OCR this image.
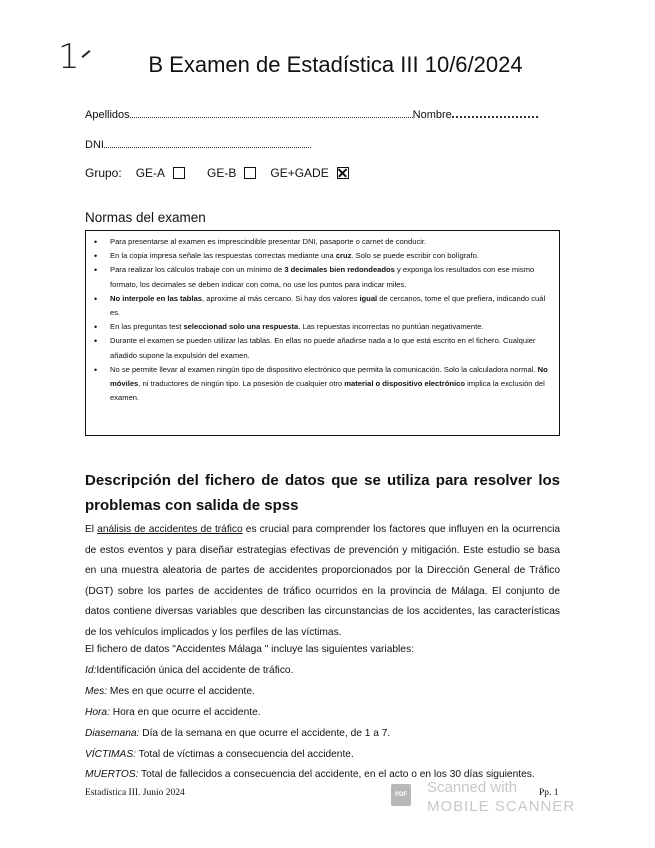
1	B Examen de Estadística III 10/6/2024
Apellidos	Nombre
DNI
Grupo: GE-A	GE-B	GE+GADE
Normas del examen
• Para presentarse al examen es imprescindible presentar DNI, pasaporte o carnet de conducir.
• En la copia impresa señale las respuestas correctas mediante una cruz. Solo se puede escribir con bolígrafo.
• Para realizar los cálculos trabaje con un mínimo de 3 decimales bien redondeados y exponga los resultados con ese mismo formato, los decimales se deben indicar con coma, no use los puntos para indicar miles.
• No interpole en las tablas, aproxime al más cercano. Si hay dos valores igual de cercanos, tome el que prefiera, indicando cuál es.
• En las preguntas test seleccionad solo una respuesta. Las repuestas incorrectas no puntúan negativamente.
• Durante el examen se pueden utilizar las tablas. En ellas no puede añadirse nada a lo que está escrito en el fichero. Cualquier añadido supone la expulsión del examen.
• No se permite llevar al examen ningún tipo de dispositivo electrónico que permita la comunicación. Solo la calculadora normal. No móviles, ni traductores de ningún tipo. La posesión de cualquier otro material o dispositivo electrónico implica la exclusión del examen.
Descripción del fichero de datos que se utiliza para resolver los problemas con salida de spss
El análisis de accidentes de tráfico es crucial para comprender los factores que influyen en la ocurrencia de estos eventos y para diseñar estrategias efectivas de prevención y mitigación. Este estudio se basa en una muestra aleatoria de partes de accidentes proporcionados por la Dirección General de Tráfico (DGT) sobre los partes de accidentes de tráfico ocurridos en la provincia de Málaga. El conjunto de datos contiene diversas variables que describen las circunstancias de los accidentes, las características de los vehículos implicados y los perfiles de las víctimas.
El fichero de datos "Accidentes Málaga " incluye las siguientes variables:
Id:Identificación única del accidente de tráfico.
Mes: Mes en que ocurre el accidente.
Hora: Hora en que ocurre el accidente.
Diasemana: Día de la semana en que ocurre el accidente, de 1 a 7.
VÍCTIMAS: Total de víctimas a consecuencia del accidente.
MUERTOS: Total de fallecidos a consecuencia del accidente, en el acto o en los 30 días siguientes.
Estadística III. Junio 2024	PDF Scanned with
MOBILE SCANNER
Pp. 1
